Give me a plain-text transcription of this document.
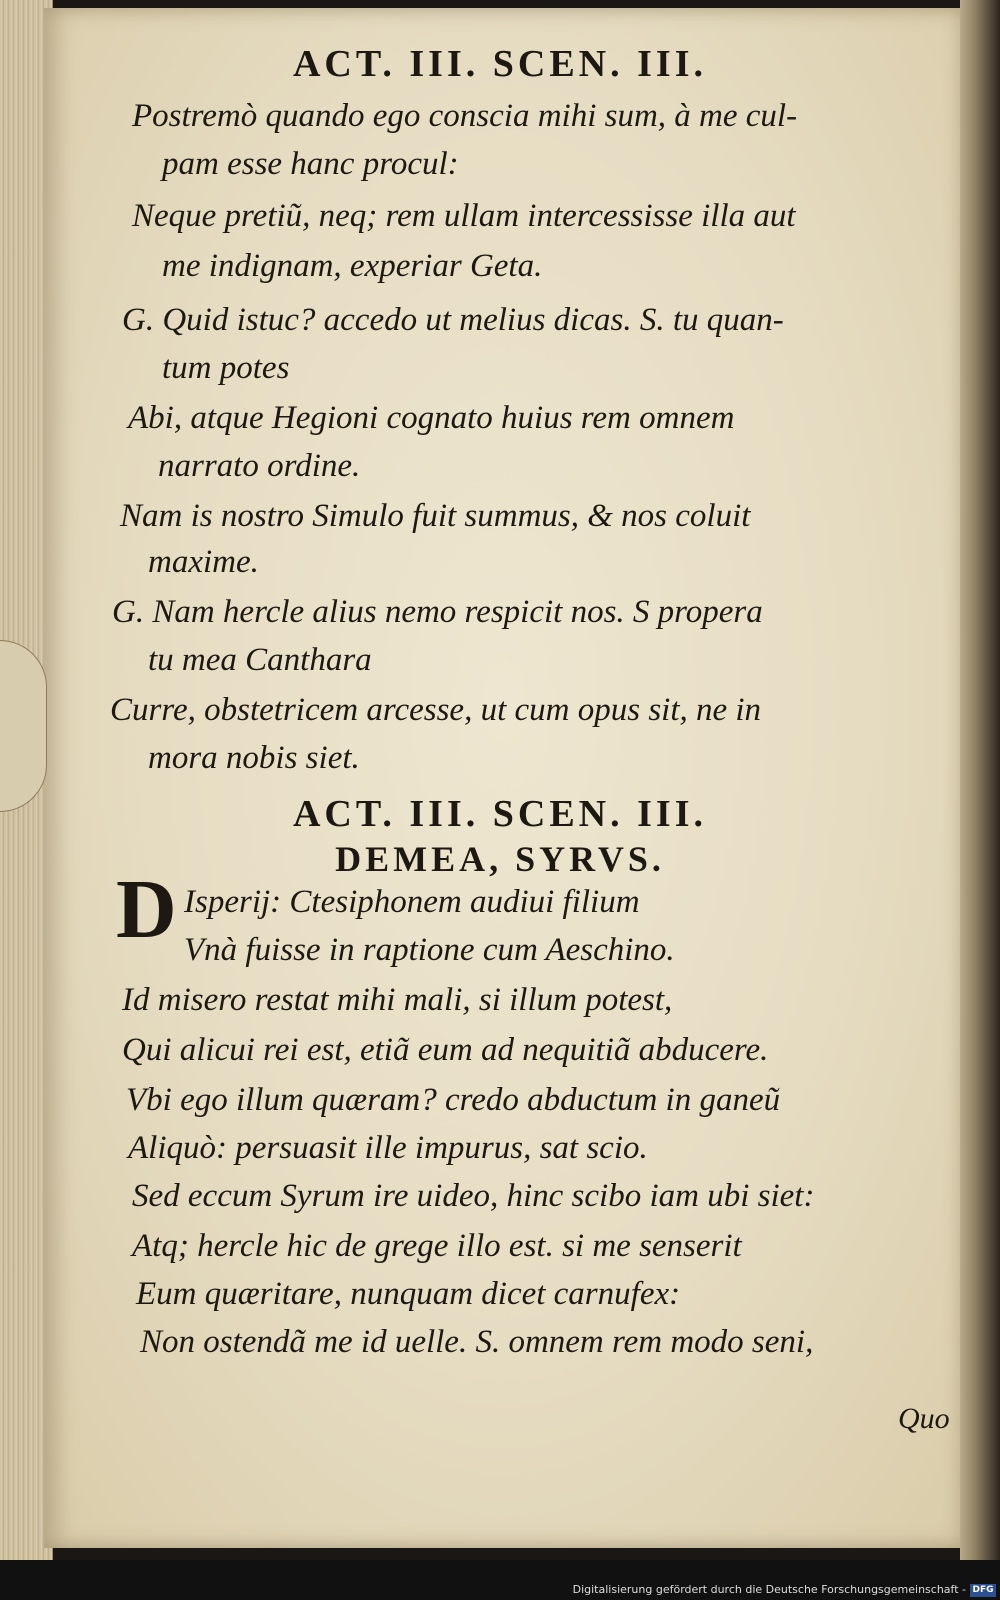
ACT. III. SCEN. III.
Postremò quando ego conscia mihi sum, à me cul-
pam esse hanc procul:
Neque pretiũ, neq; rem ullam intercessisse illa aut
me indignam, experiar Geta.
G. Quid istuc? accedo ut melius dicas. S. tu quan-
tum potes
Abi, atque Hegioni cognato huius rem omnem
narrato ordine.
Nam is nostro Simulo fuit summus, & nos coluit
maxime.
G. Nam hercle alius nemo respicit nos. S propera
tu mea Canthara
Curre, obstetricem arcesse, ut cum opus sit, ne in
mora nobis siet.
ACT. III. SCEN. III.
DEMEA, SYRVS.
D Isperij: Ctesiphonem audiui filium
Vnà fuisse in raptione cum Aeschino.
Id misero restat mihi mali, si illum potest,
Qui alicui rei est, etiã eum ad nequitiã abducere.
Vbi ego illum quæram? credo abductum in ganeũ
Aliquò: persuasit ille impurus, sat scio.
Sed eccum Syrum ire uideo, hinc scibo iam ubi siet:
Atq; hercle hic de grege illo est. si me senserit
Eum quæritare, nunquam dicet carnufex:
Non ostendã me id uelle. S. omnem rem modo seni,
Quo
Digitalisierung gefördert durch die Deutsche Forschungsgemeinschaft - DFG
